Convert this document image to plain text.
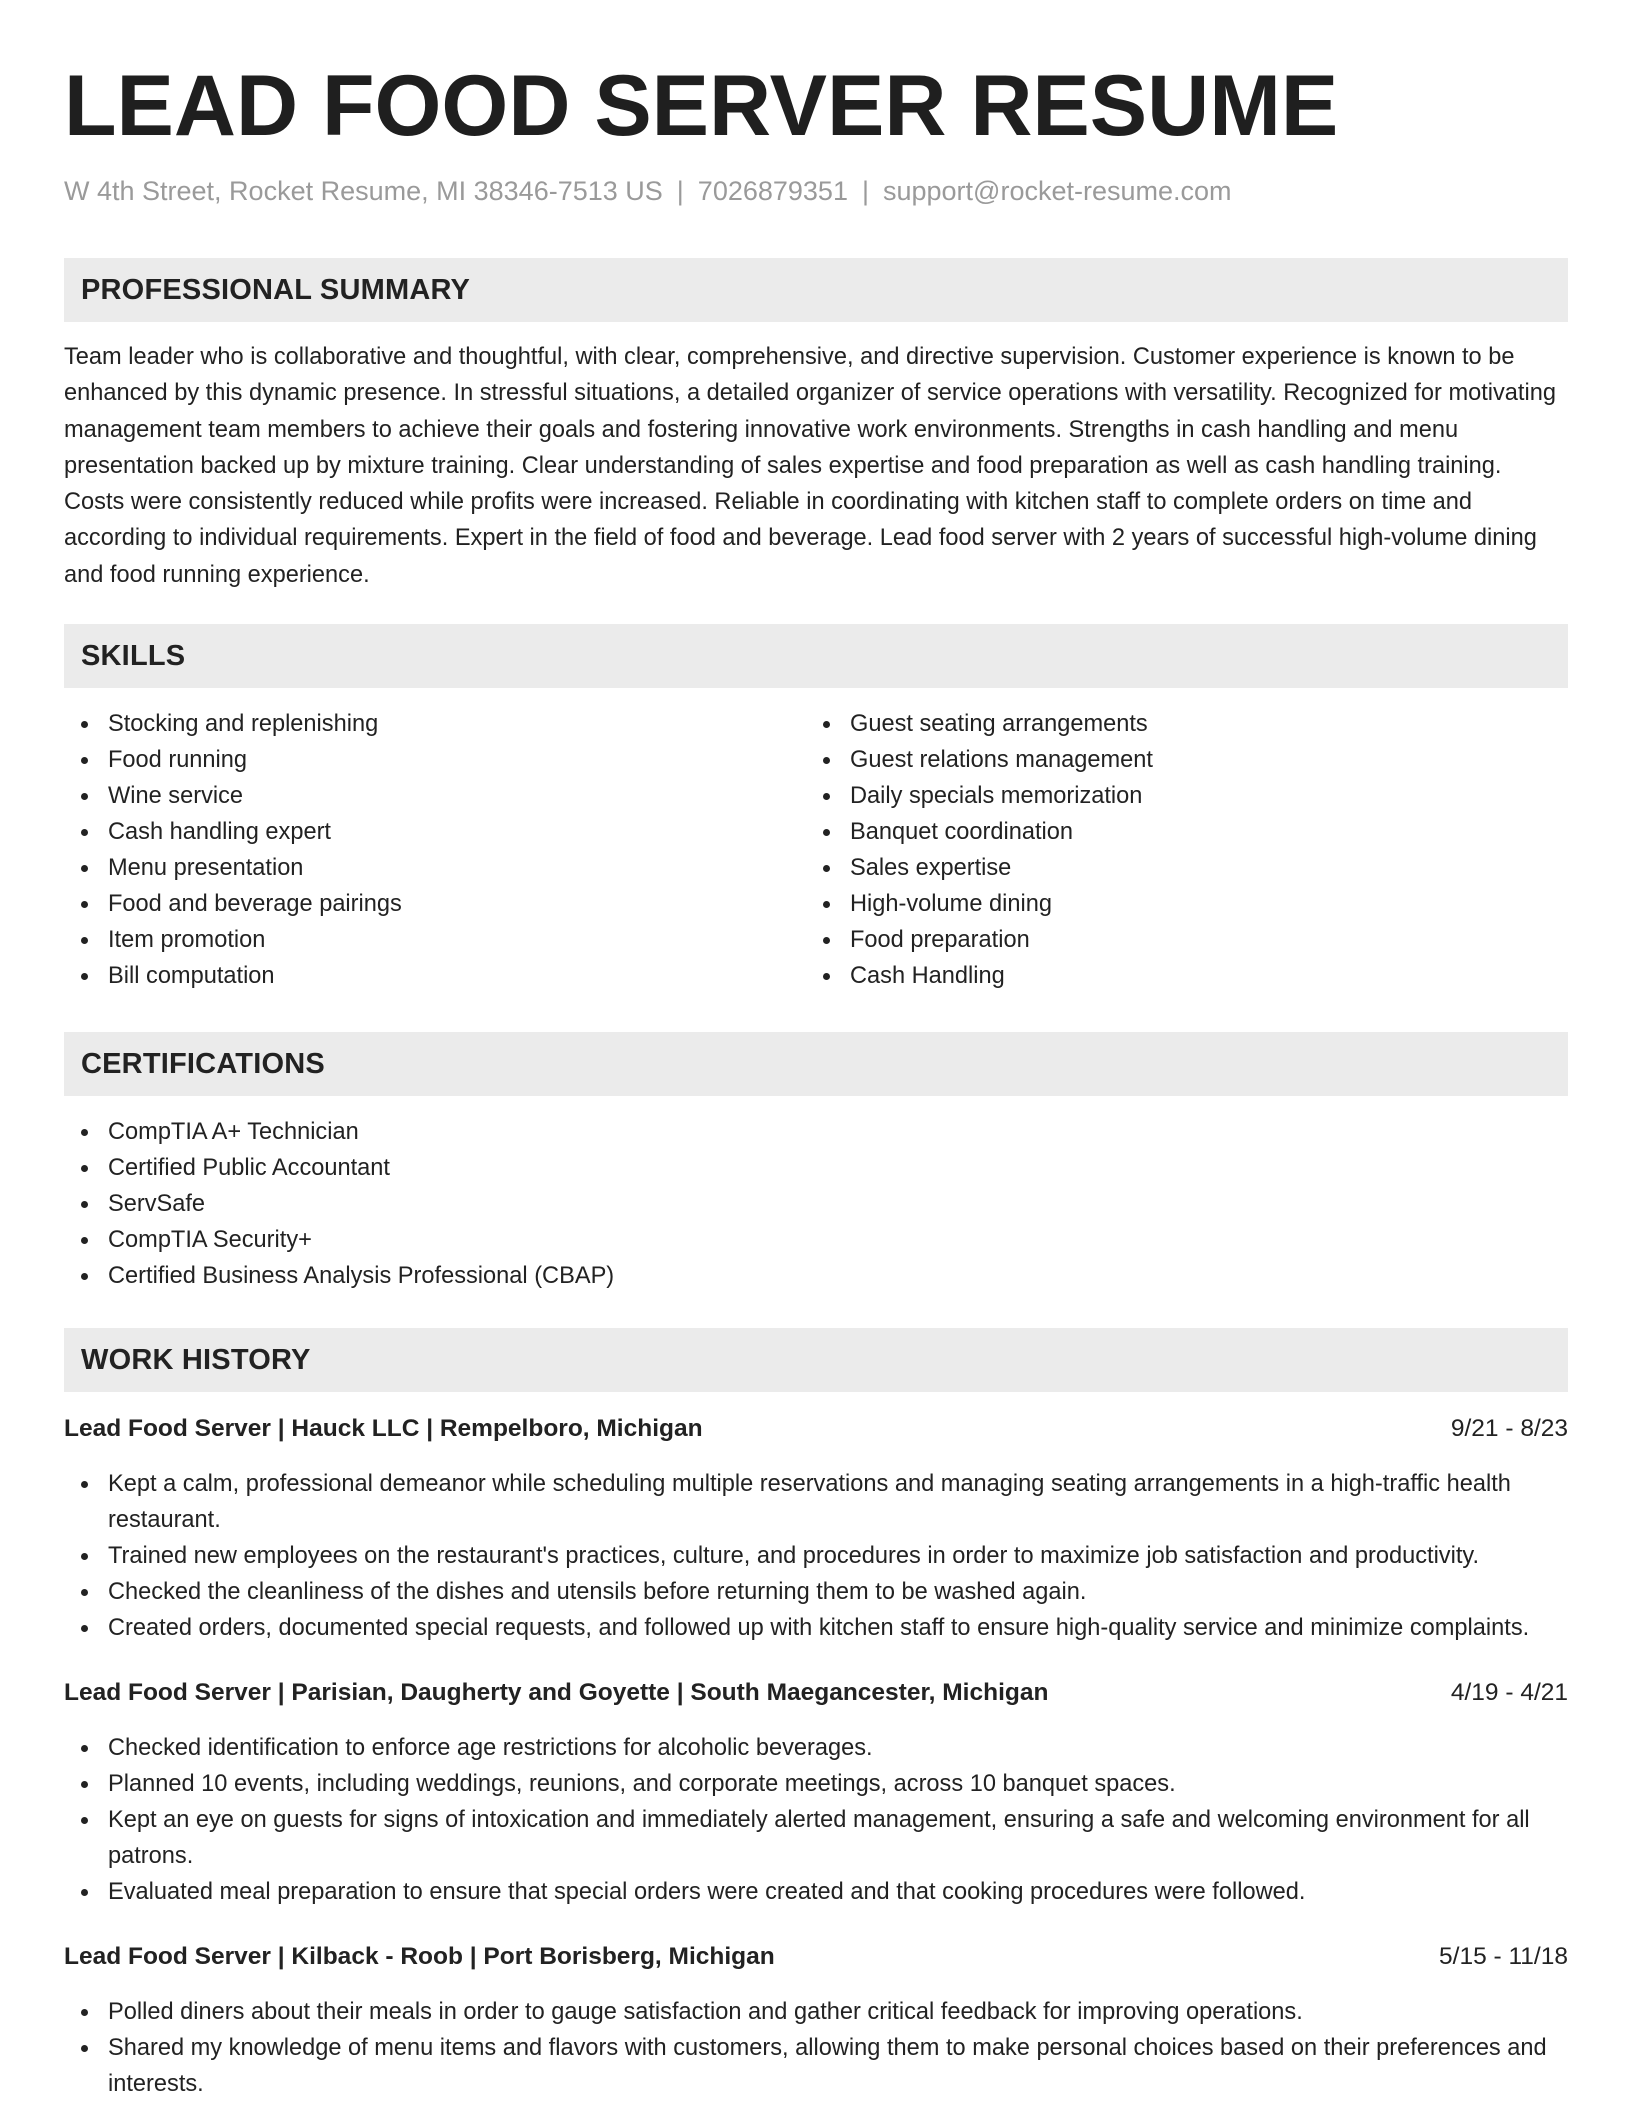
LEAD FOOD SERVER RESUME
W 4th Street, Rocket Resume, MI 38346-7513 US | 7026879351 | support@rocket-resume.com
PROFESSIONAL SUMMARY

Team leader who is collaborative and thoughtful, with clear, comprehensive, and directive supervision. Customer experience is known to be enhanced by this dynamic presence. In stressful situations, a detailed organizer of service operations with versatility. Recognized for motivating management team members to achieve their goals and fostering innovative work environments. Strengths in cash handling and menu presentation backed up by mixture training. Clear understanding of sales expertise and food preparation as well as cash handling training. Costs were consistently reduced while profits were increased. Reliable in coordinating with kitchen staff to complete orders on time and according to individual requirements. Expert in the field of food and beverage. Lead food server with 2 years of successful high-volume dining and food running experience.

SKILLS
Stocking and replenishing
Food running
Wine service
Cash handling expert
Menu presentation
Food and beverage pairings
Item promotion
Bill computation
Guest seating arrangements
Guest relations management
Daily specials memorization
Banquet coordination
Sales expertise
High-volume dining
Food preparation
Cash Handling
CERTIFICATIONS
CompTIA A+ Technician
Certified Public Accountant
ServSafe
CompTIA Security+
Certified Business Analysis Professional (CBAP)
WORK HISTORY
Lead Food Server | Hauck LLC | Rempelboro, Michigan	9/21 - 8/23
Kept a calm, professional demeanor while scheduling multiple reservations and managing seating arrangements in a high-traffic health restaurant.
Trained new employees on the restaurant's practices, culture, and procedures in order to maximize job satisfaction and productivity.
Checked the cleanliness of the dishes and utensils before returning them to be washed again.
Created orders, documented special requests, and followed up with kitchen staff to ensure high-quality service and minimize complaints.
Lead Food Server | Parisian, Daugherty and Goyette | South Maegancester, Michigan	4/19 - 4/21
Checked identification to enforce age restrictions for alcoholic beverages.
Planned 10 events, including weddings, reunions, and corporate meetings, across 10 banquet spaces.
Kept an eye on guests for signs of intoxication and immediately alerted management, ensuring a safe and welcoming environment for all patrons.
Evaluated meal preparation to ensure that special orders were created and that cooking procedures were followed.
Lead Food Server | Kilback - Roob | Port Borisberg, Michigan	5/15 - 11/18
Polled diners about their meals in order to gauge satisfaction and gather critical feedback for improving operations.
Shared my knowledge of menu items and flavors with customers, allowing them to make personal choices based on their preferences and interests.
